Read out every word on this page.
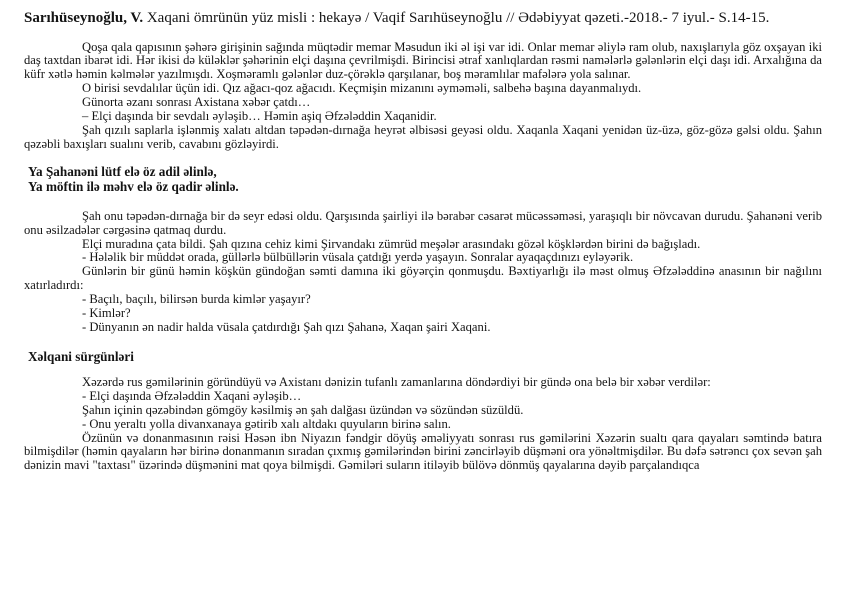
Sarıhüseynoğlu, V. Xaqani ömrünün yüz misli : hekayə / Vaqif Sarıhüseynoğlu // Ədəbiyyat qəzeti.-2018.- 7 iyul.- S.14-15.

Qoşa qala qapısının şəhərə girişinin sağında müqtədir memar Məsudun iki əl işi var idi. Onlar memar əliylə ram olub, naxışlarıyla göz oxşayan iki daş taxtdan ibarət idi. Hər ikisi də küləklər şəhərinin elçi daşına çevrilmişdi. Birincisi ətraf xanlıqlardan rəsmi namələrlə gələnlərin elçi daşı idi. Arxalığına da küfr xətlə həmin kəlmələr yazılmışdı. Xoşməramlı gələnlər duz-çörəklə qarşılanar, boş məramlılar mafələrə yola salınar.

O birisi sevdalılar üçün idi. Qız ağacı-qoz ağacıdı. Keçmişin mizanını əyməməli, salbehə başına dayanmalıydı.

Günorta əzanı sonrası Axistana xəbər çatdı…

– Elçi daşında bir sevdalı əyləşib… Həmin aşiq Əfzələddin Xaqanidir.

Şah qızılı saplarla işlənmiş xalatı altdan təpədən-dırnağa heyrət əlbisəsi geyəsi oldu. Xaqanla Xaqani yenidən üz-üzə, göz-gözə gəlsi oldu. Şahın qəzəbli baxışları sualını verib, cavabını gözləyirdi.

Ya Şahanəni lütf elə öz adil əlinlə,
Ya möftin ilə məhv elə öz qadir əlinlə.

Şah onu təpədən-dırnağa bir də seyr edəsi oldu. Qarşısında şairliyi ilə bərabər cəsarət mücəssəməsi, yaraşıqlı bir növcavan durudu. Şahanəni verib onu əsilzadələr cərgəsinə qatmaq durdu.

Elçi muradına çata bildi. Şah qızına cehiz kimi Şirvandakı zümrüd meşələr arasındakı gözəl köşklərdən birini də bağışladı.

- Hələlik bir müddət orada, güllərlə bülbüllərin vüsala çatdığı yerdə yaşayın. Sonralar ayaqaçdınızı eyləyərik.

Günlərin bir günü həmin köşkün gündoğan səmti damına iki göyərçin qonmuşdu. Bəxtiyarlığı ilə məst olmuş Əfzələddinə anasının bir nağılını xatırladırdı:

- Baçılı, baçılı, bilirsən burda kimlər yaşayır?

- Kimlər?

- Dünyanın ən nadir halda vüsala çatdırdığı Şah qızı Şahanə, Xaqan şairi Xaqani.

Xəlqani sürgünləri

Xəzərdə rus gəmilərinin göründüyü və Axistanı dənizin tufanlı zamanlarına döndərdiyi bir gündə ona belə bir xəbər verdilər:

- Elçi daşında Əfzələddin Xaqani əyləşib…

Şahın içinin qəzəbindən gömgöy kəsilmiş ən şah dalğası üzündən və sözündən süzüldü.

- Onu yeraltı yolla divanxanaya gətirib xalı altdakı quyuların birinə salın.

Özünün və donanmasının rəisi Həsən ibn Niyazın fəndgir döyüş əməliyyatı sonrası rus gəmilərini Xəzərin sualtı qara qayaları səmtində batıra bilmişdilər (həmin qayaların hər birinə donanmanın sıradan çıxmış gəmilərindən birini zəncirləyib düşməni ora yönəltmişdilər. Bu dəfə sətrəncı çox sevən şah dənizin mavi "taxtası" üzərində düşmənini mat qoya bilmişdi. Gəmiləri suların itiləyib bülövə dönmüş qayalarına dəyib parçalandıqca
